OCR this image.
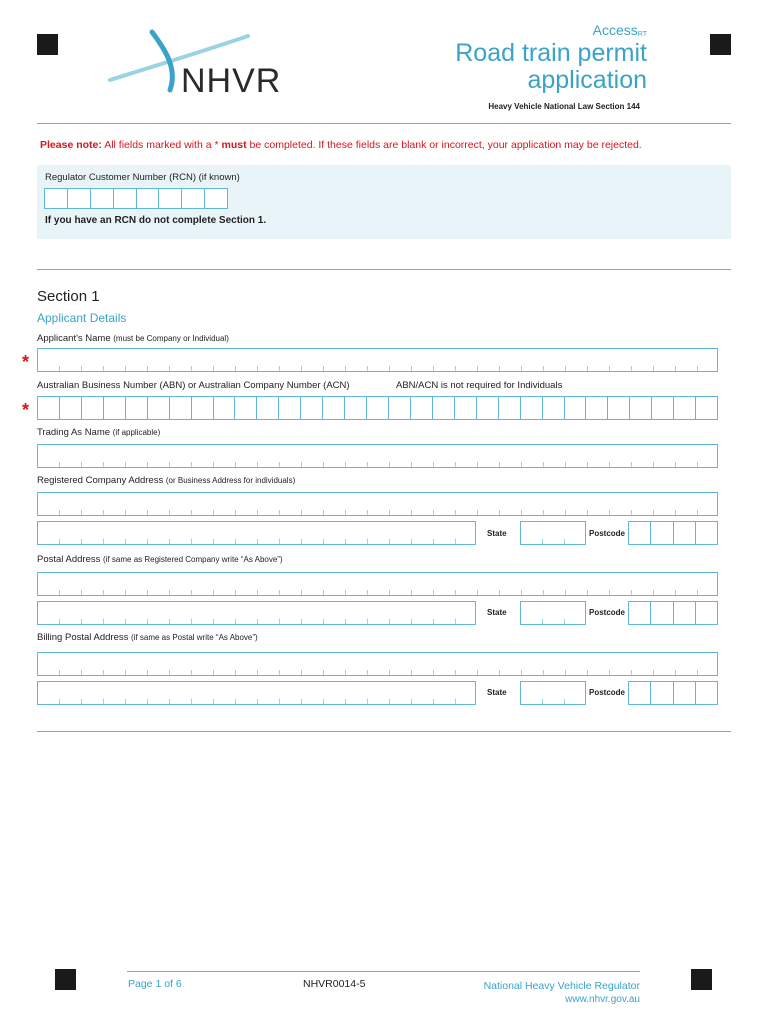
NHVR
Access$_{RT}$
Road train permit
application
Heavy Vehicle National Law Section 144
Please note: All fields marked with a * must be completed. If these fields are blank or incorrect, your application may be rejected.
Regulator Customer Number (RCN) (if known)
If you have an RCN do not complete Section 1.
Section 1
Applicant Details
Applicant's Name (must be Company or Individual)
*
Australian Business Number (ABN) or Australian Company Number (ACN)	ABN/ACN is not required for Individuals
*
Trading As Name (if applicable)
Registered Company Address (or Business Address for individuals)
State	Postcode
Postal Address (if same as Registered Company write “As Above”)
State	Postcode
Billing Postal Address (if same as Postal write “As Above”)
State	Postcode
Page 1 of 6	NHVR0014-5	National Heavy Vehicle Regulator
www.nhvr.gov.au
